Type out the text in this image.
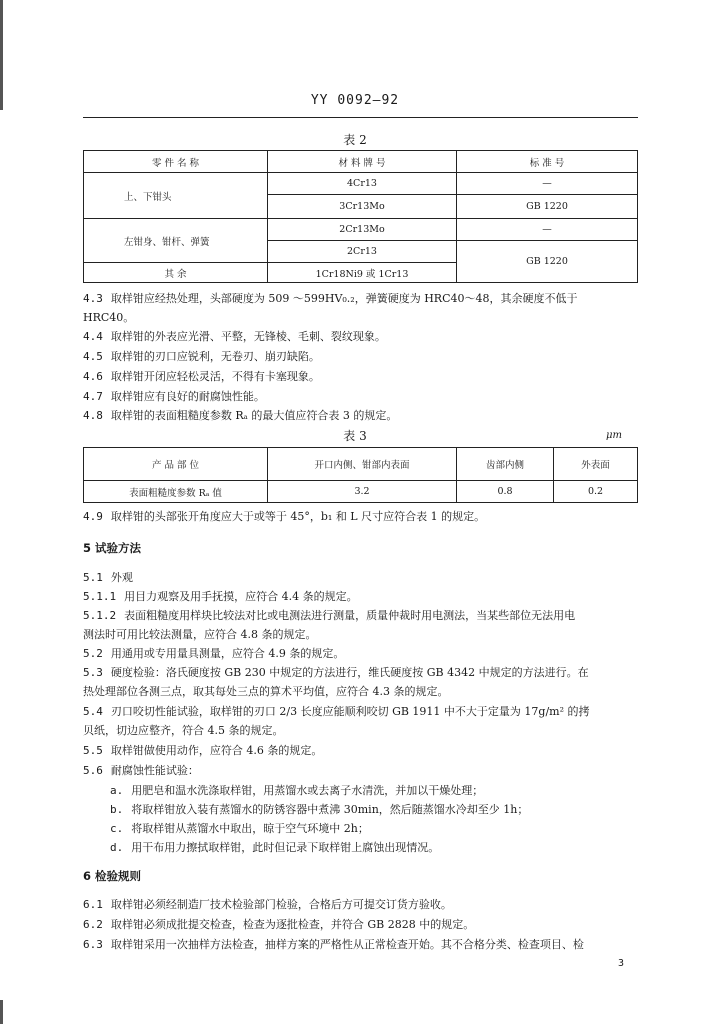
YY 0092—92
表 2
零 件 名 称	材 料 牌 号	标 准 号
上、下钳头	4Cr13	—
	3Cr13Mo	GB 1220
左钳身、钳杆、弹簧	2Cr13Mo	—
	2Cr13	GB 1220
其 余	1Cr18Ni9 或 1Cr13	
4.3 取样钳应经热处理，头部硬度为 509 ～599HV₀.₂，弹簧硬度为 HRC40～48，其余硬度不低于
HRC40。
4.4 取样钳的外表应光滑、平整，无锋棱、毛刺、裂纹现象。
4.5 取样钳的刃口应锐利，无卷刃、崩刃缺陷。
4.6 取样钳开闭应轻松灵活，不得有卡塞现象。
4.7 取样钳应有良好的耐腐蚀性能。
4.8 取样钳的表面粗糙度参数 Rₐ 的最大值应符合表 3 的规定。
表 3	μm
产 品 部 位	开口内侧、钳部内表面	齿部内侧	外表面
表面粗糙度参数 Rₐ 值	3.2	0.8	0.2
4.9 取样钳的头部张开角度应大于或等于 45°，b₁ 和 L 尺寸应符合表 1 的规定。
5 试验方法
5.1 外观
5.1.1 用目力观察及用手抚摸，应符合 4.4 条的规定。
5.1.2 表面粗糙度用样块比较法对比或电测法进行测量，质量仲裁时用电测法，当某些部位无法用电
测法时可用比较法测量，应符合 4.8 条的规定。
5.2 用通用或专用量具测量，应符合 4.9 条的规定。
5.3 硬度检验：洛氏硬度按 GB 230 中规定的方法进行，维氏硬度按 GB 4342 中规定的方法进行。在
热处理部位各测三点，取其每处三点的算术平均值，应符合 4.3 条的规定。
5.4 刃口咬切性能试验，取样钳的刃口 2/3 长度应能顺利咬切 GB 1911 中不大于定量为 17g/m² 的拷
贝纸，切边应整齐，符合 4.5 条的规定。
5.5 取样钳做使用动作，应符合 4.6 条的规定。
5.6 耐腐蚀性能试验：
a. 用肥皂和温水洗涤取样钳，用蒸馏水或去离子水清洗，并加以干燥处理；
b. 将取样钳放入装有蒸馏水的防锈容器中煮沸 30min，然后随蒸馏水冷却至少 1h；
c. 将取样钳从蒸馏水中取出，晾于空气环境中 2h；
d. 用干布用力擦拭取样钳，此时但记录下取样钳上腐蚀出现情况。
6 检验规则
6.1 取样钳必须经制造厂技术检验部门检验，合格后方可提交订货方验收。
6.2 取样钳必须成批提交检查，检查为逐批检查，并符合 GB 2828 中的规定。
6.3 取样钳采用一次抽样方法检查，抽样方案的严格性从正常检查开始。其不合格分类、检查项目、检
3
